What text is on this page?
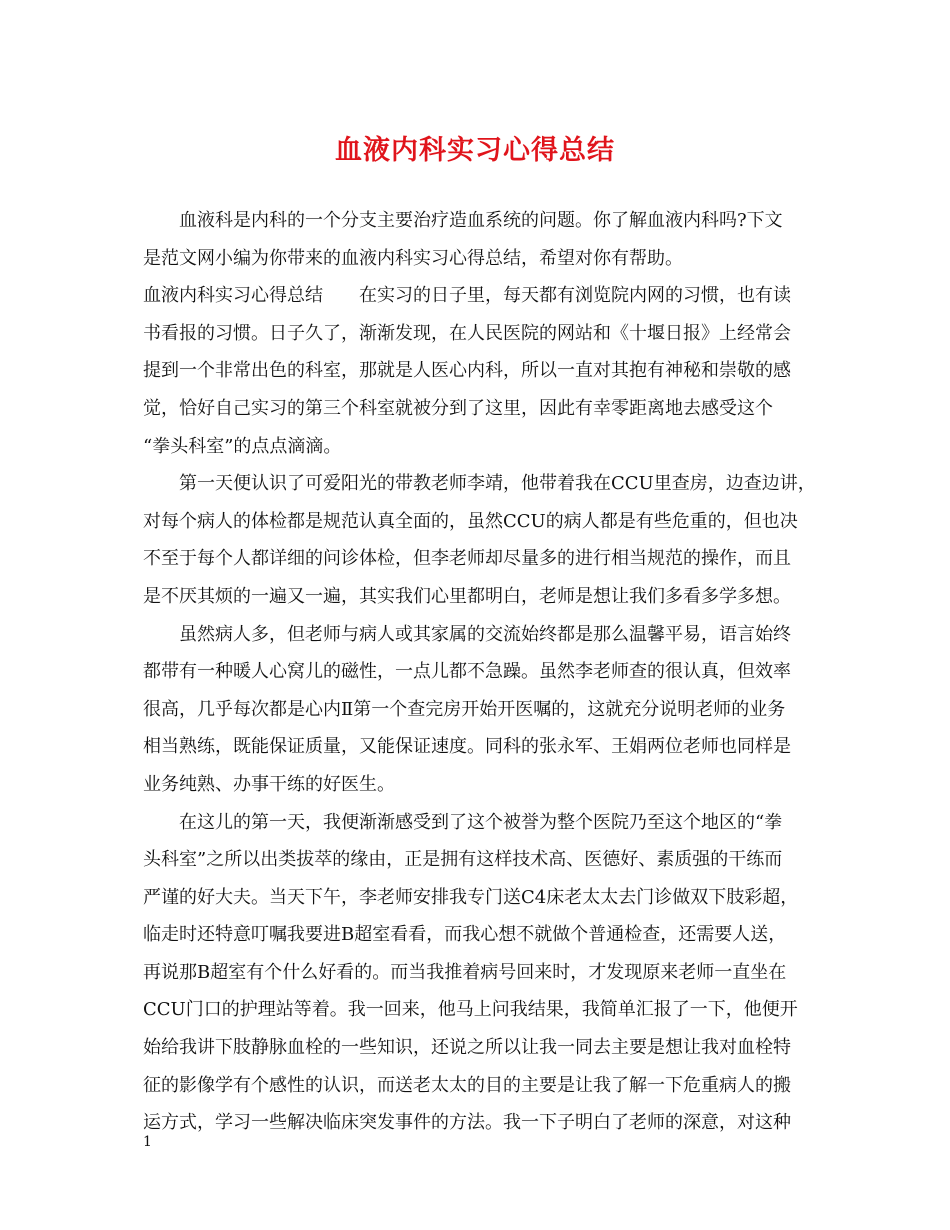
血液内科实习心得总结
血液科是内科的一个分支主要治疗造血系统的问题。你了解血液内科吗?下文
是范文网小编为你带来的血液内科实习心得总结，希望对你有帮助。
血液内科实习心得总结　　在实习的日子里，每天都有浏览院内网的习惯，也有读
书看报的习惯。日子久了，渐渐发现，在人民医院的网站和《十堰日报》上经常会
提到一个非常出色的科室，那就是人医心内科，所以一直对其抱有神秘和崇敬的感
觉，恰好自己实习的第三个科室就被分到了这里，因此有幸零距离地去感受这个
“拳头科室”的点点滴滴。
第一天便认识了可爱阳光的带教老师李靖，他带着我在CCU里查房，边查边讲，
对每个病人的体检都是规范认真全面的，虽然CCU的病人都是有些危重的，但也决
不至于每个人都详细的问诊体检，但李老师却尽量多的进行相当规范的操作，而且
是不厌其烦的一遍又一遍，其实我们心里都明白，老师是想让我们多看多学多想。
虽然病人多，但老师与病人或其家属的交流始终都是那么温馨平易，语言始终
都带有一种暖人心窝儿的磁性，一点儿都不急躁。虽然李老师查的很认真，但效率
很高，几乎每次都是心内Ⅱ第一个查完房开始开医嘱的，这就充分说明老师的业务
相当熟练，既能保证质量，又能保证速度。同科的张永军、王娟两位老师也同样是
业务纯熟、办事干练的好医生。
在这儿的第一天，我便渐渐感受到了这个被誉为整个医院乃至这个地区的“拳
头科室”之所以出类拔萃的缘由，正是拥有这样技术高、医德好、素质强的干练而
严谨的好大夫。当天下午，李老师安排我专门送C4床老太太去门诊做双下肢彩超，
临走时还特意叮嘱我要进B超室看看，而我心想不就做个普通检查，还需要人送，
再说那B超室有个什么好看的。而当我推着病号回来时，才发现原来老师一直坐在
CCU门口的护理站等着。我一回来，他马上问我结果，我简单汇报了一下，他便开
始给我讲下肢静脉血栓的一些知识，还说之所以让我一同去主要是想让我对血栓特
征的影像学有个感性的认识，而送老太太的目的主要是让我了解一下危重病人的搬
运方式，学习一些解决临床突发事件的方法。我一下子明白了老师的深意，对这种
1
